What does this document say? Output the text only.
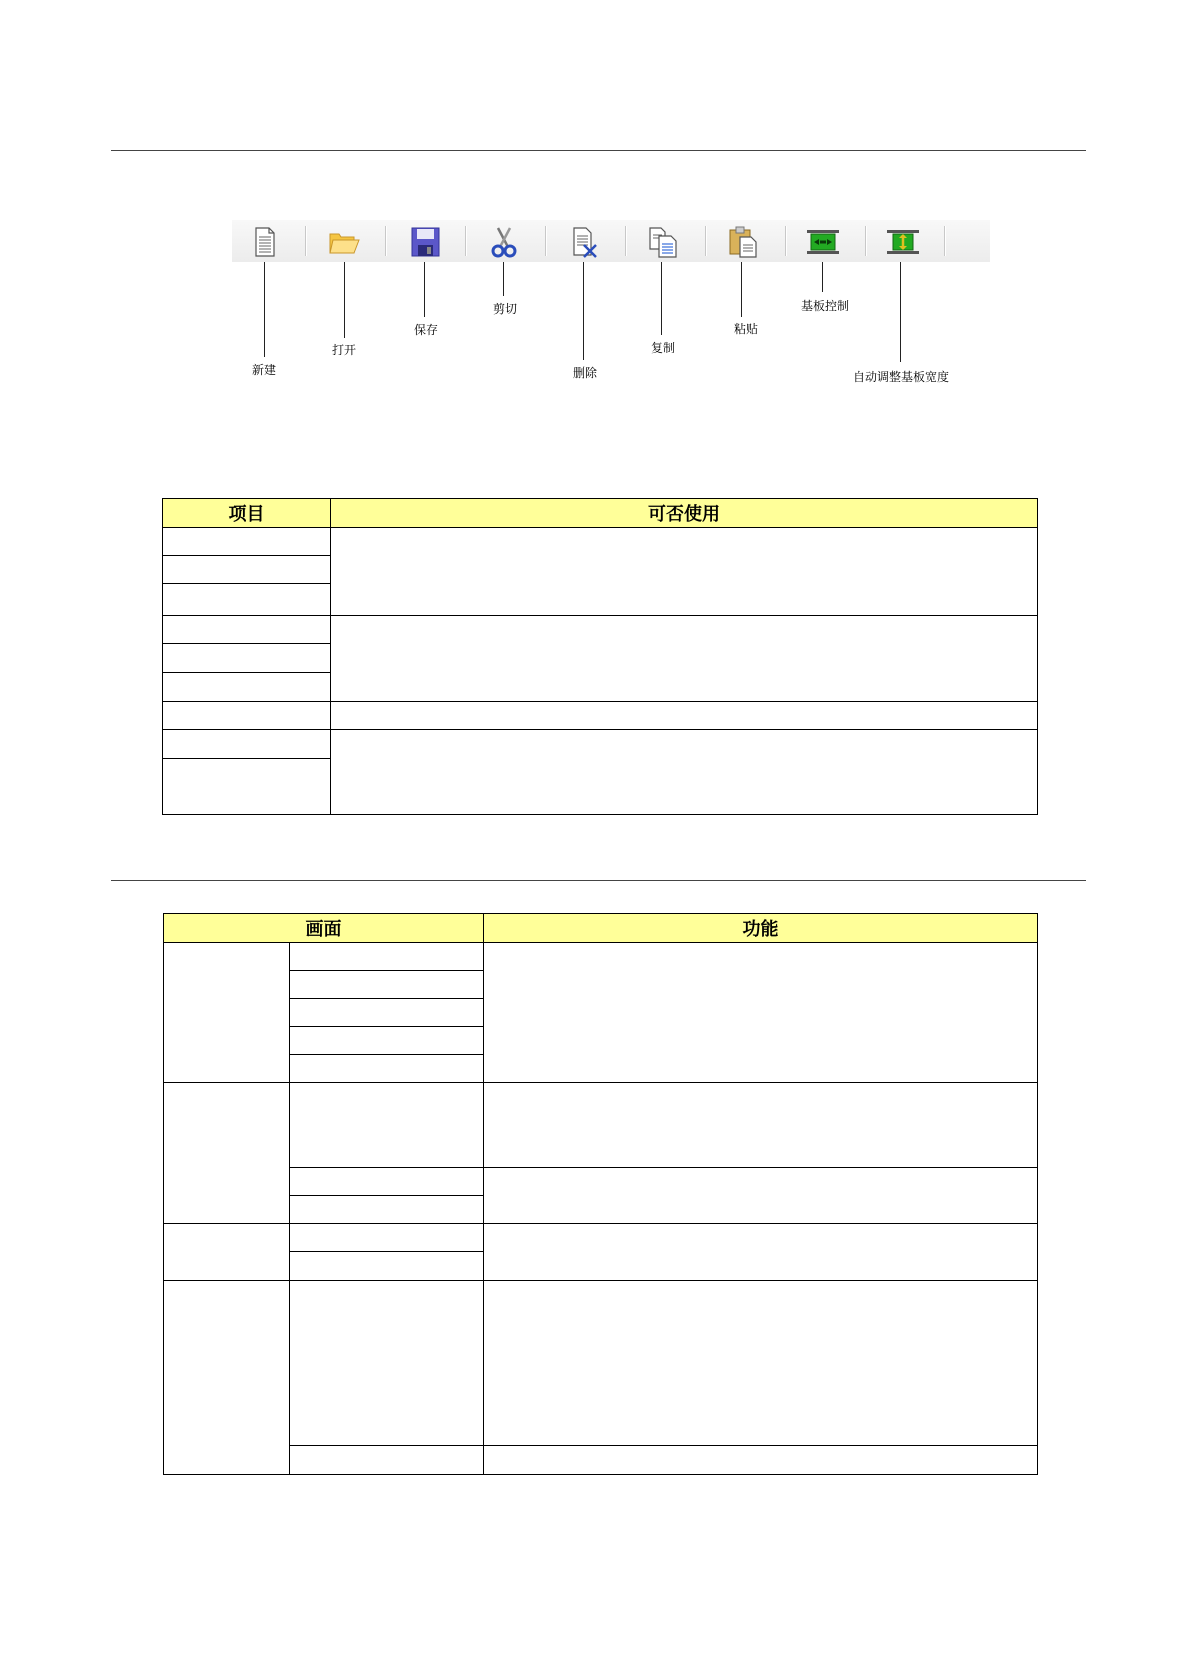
新建
打开
保存
剪切
删除
复制
粘贴
基板控制
自动调整基板宽度
项目	可否使用

画面		功能
